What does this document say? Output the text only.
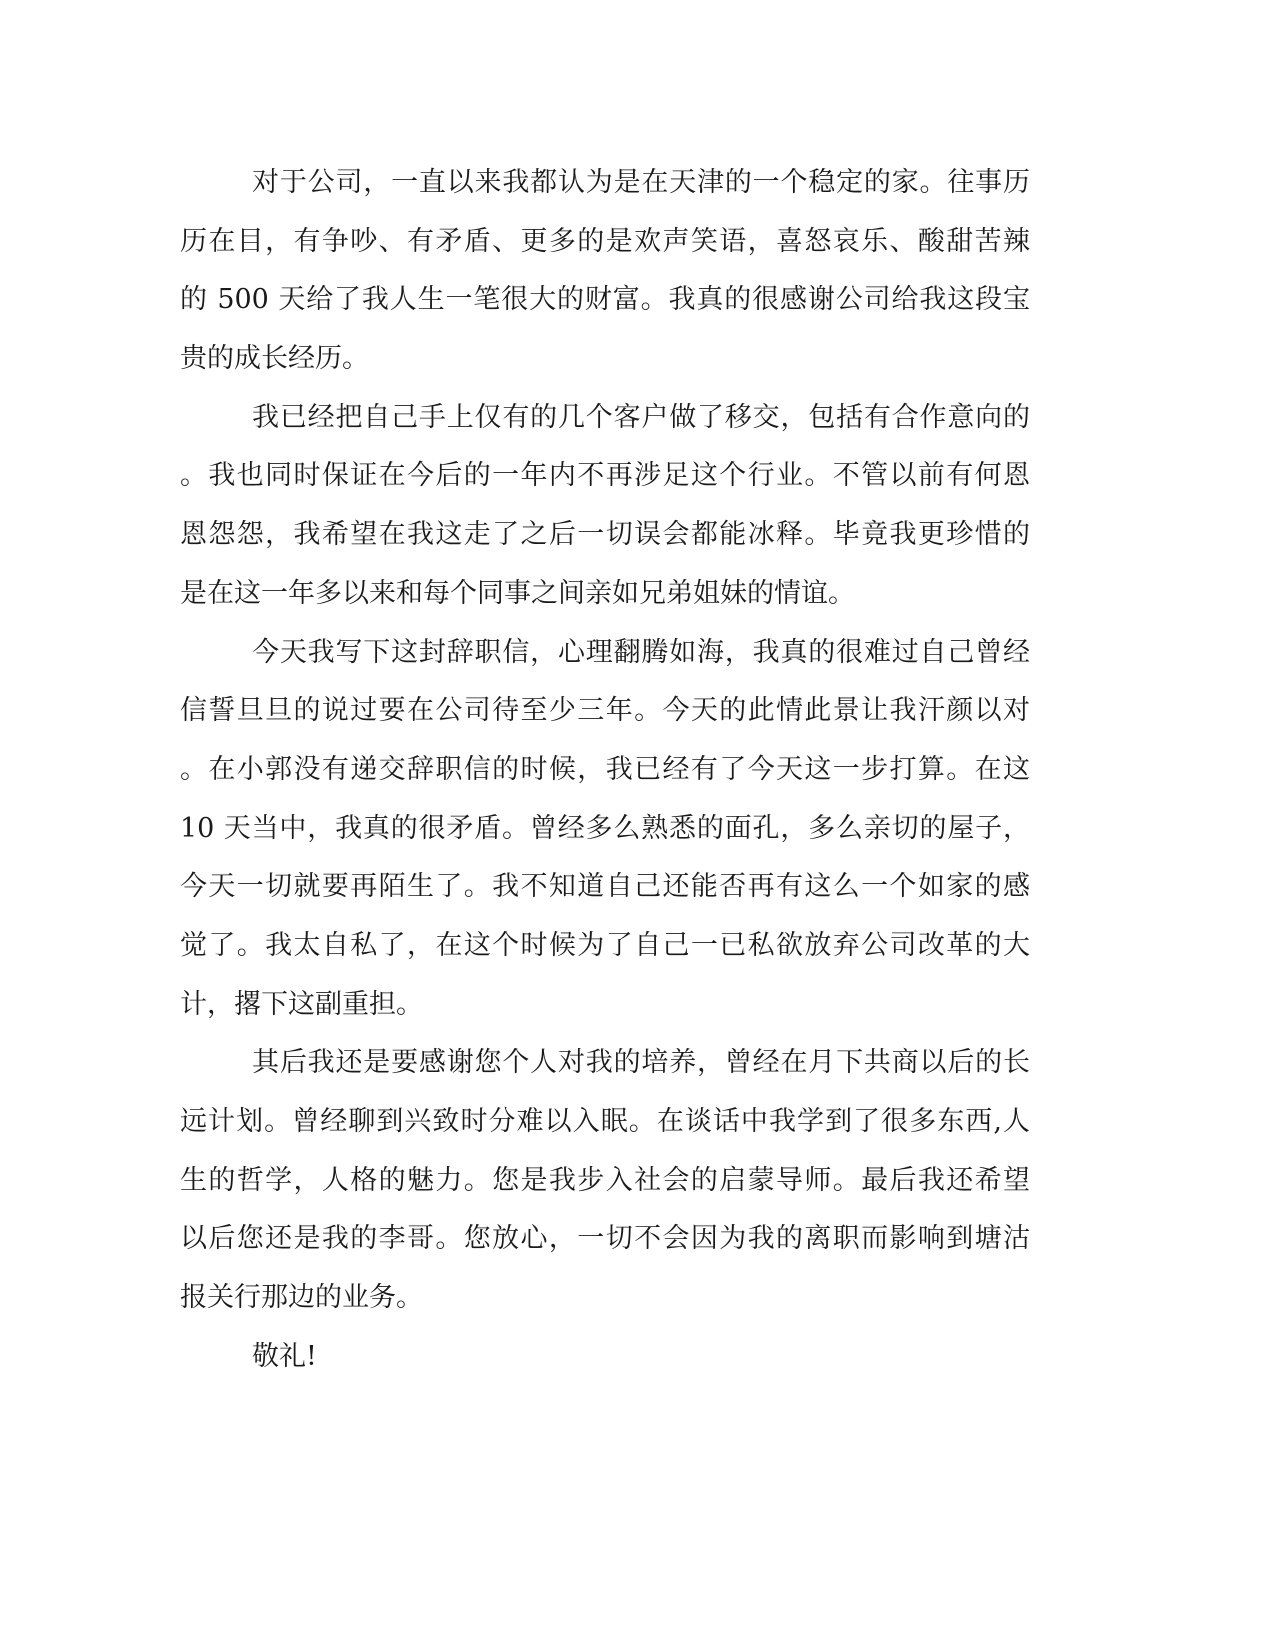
对于公司，一直以来我都认为是在天津的一个稳定的家。往事历
历在目，有争吵、有矛盾、更多的是欢声笑语，喜怒哀乐、酸甜苦辣
的 500 天给了我人生一笔很大的财富。我真的很感谢公司给我这段宝
贵的成长经历。
我已经把自己手上仅有的几个客户做了移交，包括有合作意向的
。我也同时保证在今后的一年内不再涉足这个行业。不管以前有何恩
恩怨怨，我希望在我这走了之后一切误会都能冰释。毕竟我更珍惜的
是在这一年多以来和每个同事之间亲如兄弟姐妹的情谊。
今天我写下这封辞职信，心理翻腾如海，我真的很难过自己曾经
信誓旦旦的说过要在公司待至少三年。今天的此情此景让我汗颜以对
。在小郭没有递交辞职信的时候，我已经有了今天这一步打算。在这
10 天当中，我真的很矛盾。曾经多么熟悉的面孔，多么亲切的屋子，
今天一切就要再陌生了。我不知道自己还能否再有这么一个如家的感
觉了。我太自私了，在这个时候为了自己一已私欲放弃公司改革的大
计，撂下这副重担。
其后我还是要感谢您个人对我的培养，曾经在月下共商以后的长
远计划。曾经聊到兴致时分难以入眠。在谈话中我学到了很多东西,人
生的哲学，人格的魅力。您是我步入社会的启蒙导师。最后我还希望
以后您还是我的李哥。您放心，一切不会因为我的离职而影响到塘沽
报关行那边的业务。
敬礼!
